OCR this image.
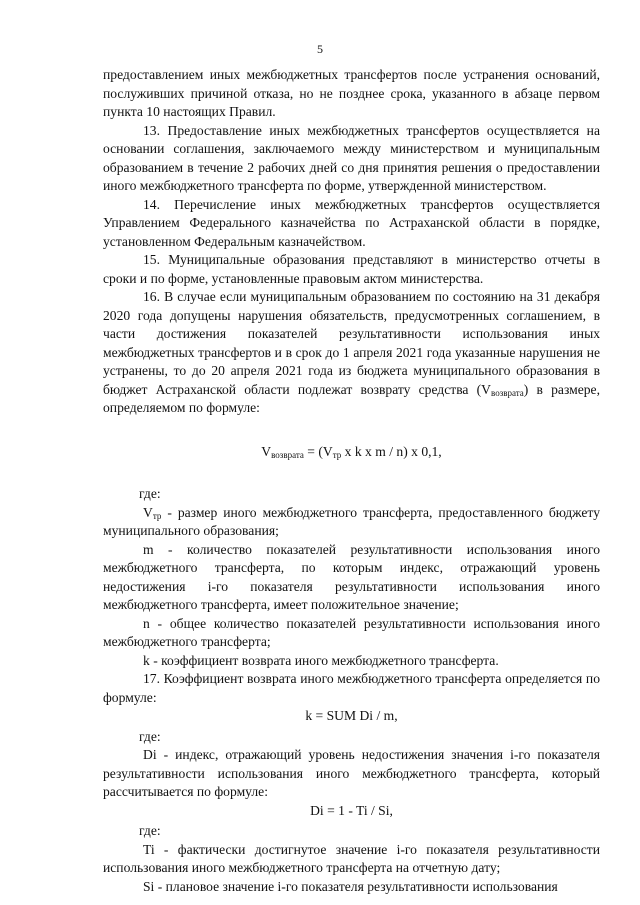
5

предоставлением иных межбюджетных трансфертов после устранения оснований, послуживших причиной отказа, но не позднее срока, указанного в абзаце первом пункта 10 настоящих Правил.

13. Предоставление иных межбюджетных трансфертов осуществляется на основании соглашения, заключаемого между министерством и муниципальным образованием в течение 2 рабочих дней со дня принятия решения о предоставлении иного межбюджетного трансферта по форме, утвержденной министерством.

14. Перечисление иных межбюджетных трансфертов осуществляется Управлением Федерального казначейства по Астраханской области в порядке, установленном Федеральным казначейством.

15. Муниципальные образования представляют в министерство отчеты в сроки и по форме, установленные правовым актом министерства.

16. В случае если муниципальным образованием по состоянию на 31 декабря 2020 года допущены нарушения обязательств, предусмотренных соглашением, в части достижения показателей результативности использования иных межбюджетных трансфертов и в срок до 1 апреля 2021 года указанные нарушения не устранены, то до 20 апреля 2021 года из бюджета муниципального образования в бюджет Астраханской области подлежат возврату средства $(V_{возврата})$ в размере, определяемом по формуле:

$V_{возврата} = (V_{тр}$ x k x m / n) x 0,1,

где:

$V_{тр}$ - размер иного межбюджетного трансферта, предоставленного бюджету муниципального образования;

m - количество показателей результативности использования иного межбюджетного трансферта, по которым индекс, отражающий уровень недостижения i-го показателя результативности использования иного межбюджетного трансферта, имеет положительное значение;

n - общее количество показателей результативности использования иного межбюджетного трансферта;

k - коэффициент возврата иного межбюджетного трансферта.

17. Коэффициент возврата иного межбюджетного трансферта определяется по формуле:

k = SUM Di / m,

где:

Di - индекс, отражающий уровень недостижения значения i-го показателя результативности использования иного межбюджетного трансферта, который рассчитывается по формуле:

Di = 1 - Ti / Si,

где:

Ti - фактически достигнутое значение i-го показателя результативности использования иного межбюджетного трансферта на отчетную дату;

Si - плановое значение i-го показателя результативности использования
